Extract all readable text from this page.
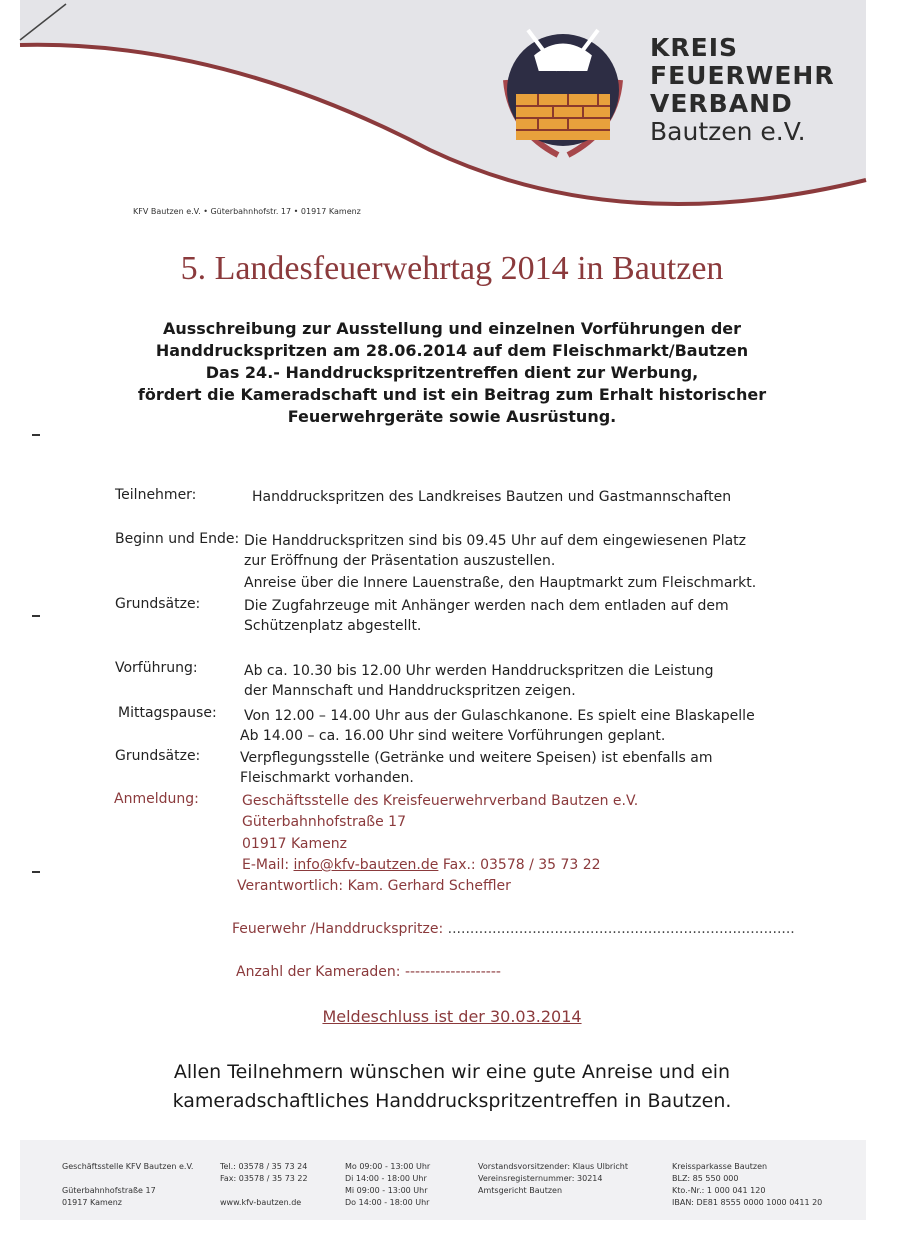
KREIS
FEUERWEHR
VERBAND
Bautzen e.V.
KFV Bautzen e.V. • Güterbahnhofstr. 17 • 01917 Kamenz
5. Landesfeuerwehrtag 2014 in Bautzen
Ausschreibung zur Ausstellung und einzelnen Vorführungen der
Handdruckspritzen am 28.06.2014 auf dem Fleischmarkt/Bautzen
Das 24.- Handdruckspritzentreffen dient zur Werbung,
fördert die Kameradschaft und ist ein Beitrag zum Erhalt historischer
Feuerwehrgeräte sowie Ausrüstung.
Teilnehmer:	Handdruckspritzen des Landkreises Bautzen und Gastmannschaften
Beginn und Ende: Die Handdruckspritzen sind bis 09.45 Uhr auf dem eingewiesenen Platz
zur Eröffnung der Präsentation auszustellen.
Anreise über die Innere Lauenstraße, den Hauptmarkt zum Fleischmarkt.
Grundsätze:	Die Zugfahrzeuge mit Anhänger werden nach dem entladen auf dem
Schützenplatz abgestellt.
Vorführung:	Ab ca. 10.30 bis 12.00 Uhr werden Handdruckspritzen die Leistung
der Mannschaft und Handdruckspritzen zeigen.
Mittagspause: Von 12.00 – 14.00 Uhr aus der Gulaschkanone. Es spielt eine Blaskapelle
Ab 14.00 – ca. 16.00 Uhr sind weitere Vorführungen geplant.
Grundsätze:	Verpflegungsstelle (Getränke und weitere Speisen) ist ebenfalls am
Fleischmarkt vorhanden.
Anmeldung:	Geschäftsstelle des Kreisfeuerwehrverband Bautzen e.V.
Güterbahnhofstraße 17
01917 Kamenz
E-Mail: info@kfv-bautzen.de Fax.: 03578 / 35 73 22
Verantwortlich: Kam. Gerhard Scheffler
Feuerwehr /Handdruckspritze: ..............................................................................
Anzahl der Kameraden: -------------------
Meldeschluss ist der 30.03.2014
Allen Teilnehmern wünschen wir eine gute Anreise und ein
kameradschaftliches Handdruckspritzentreffen in Bautzen.
Geschäftsstelle KFV Bautzen e.V.
Güterbahnhofstraße 17
01917 Kamenz
Tel.: 03578 / 35 73 24
Fax: 03578 / 35 73 22
www.kfv-bautzen.de
Mo 09:00 - 13:00 Uhr
Di 14:00 - 18:00 Uhr
Mi 09:00 - 13:00 Uhr
Do 14:00 - 18:00 Uhr
Vorstandsvorsitzender: Klaus Ulbricht
Vereinsregisternummer: 30214
Amtsgericht Bautzen
Kreissparkasse Bautzen
BLZ: 85 550 000
Kto.-Nr.: 1 000 041 120
IBAN: DE81 8555 0000 1000 0411 20
